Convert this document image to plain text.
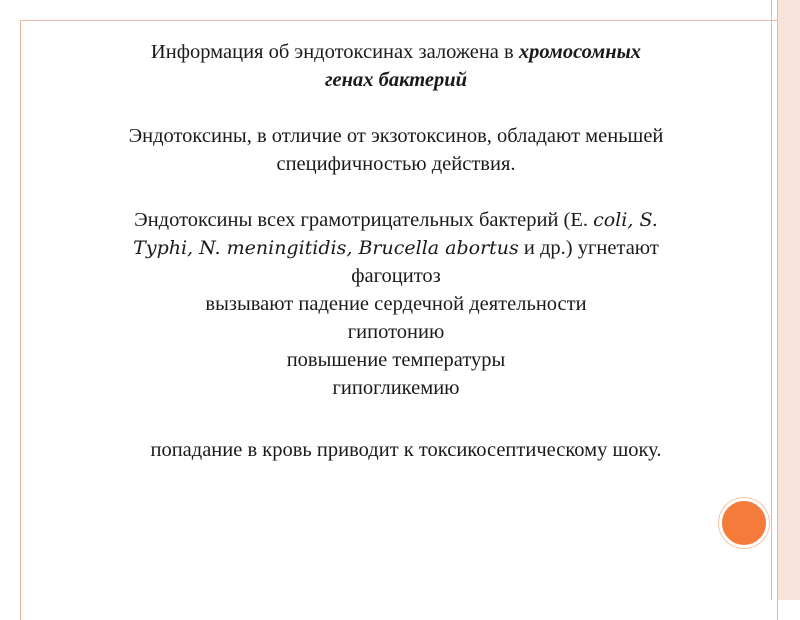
Информация об эндотоксинах заложена в хромосомных
генах бактерий
Эндотоксины, в отличие от экзотоксинов, обладают меньшей
специфичностью действия.
Эндотоксины всех грамотрицательных бактерий (E. coli, S.
Typhi, N. meningitidis, Brucella abortus и др.) угнетают
фагоцитоз
вызывают падение сердечной деятельности
гипотонию
повышение температуры
гипогликемию
попадание в кровь приводит к токсикосептическому шоку.
